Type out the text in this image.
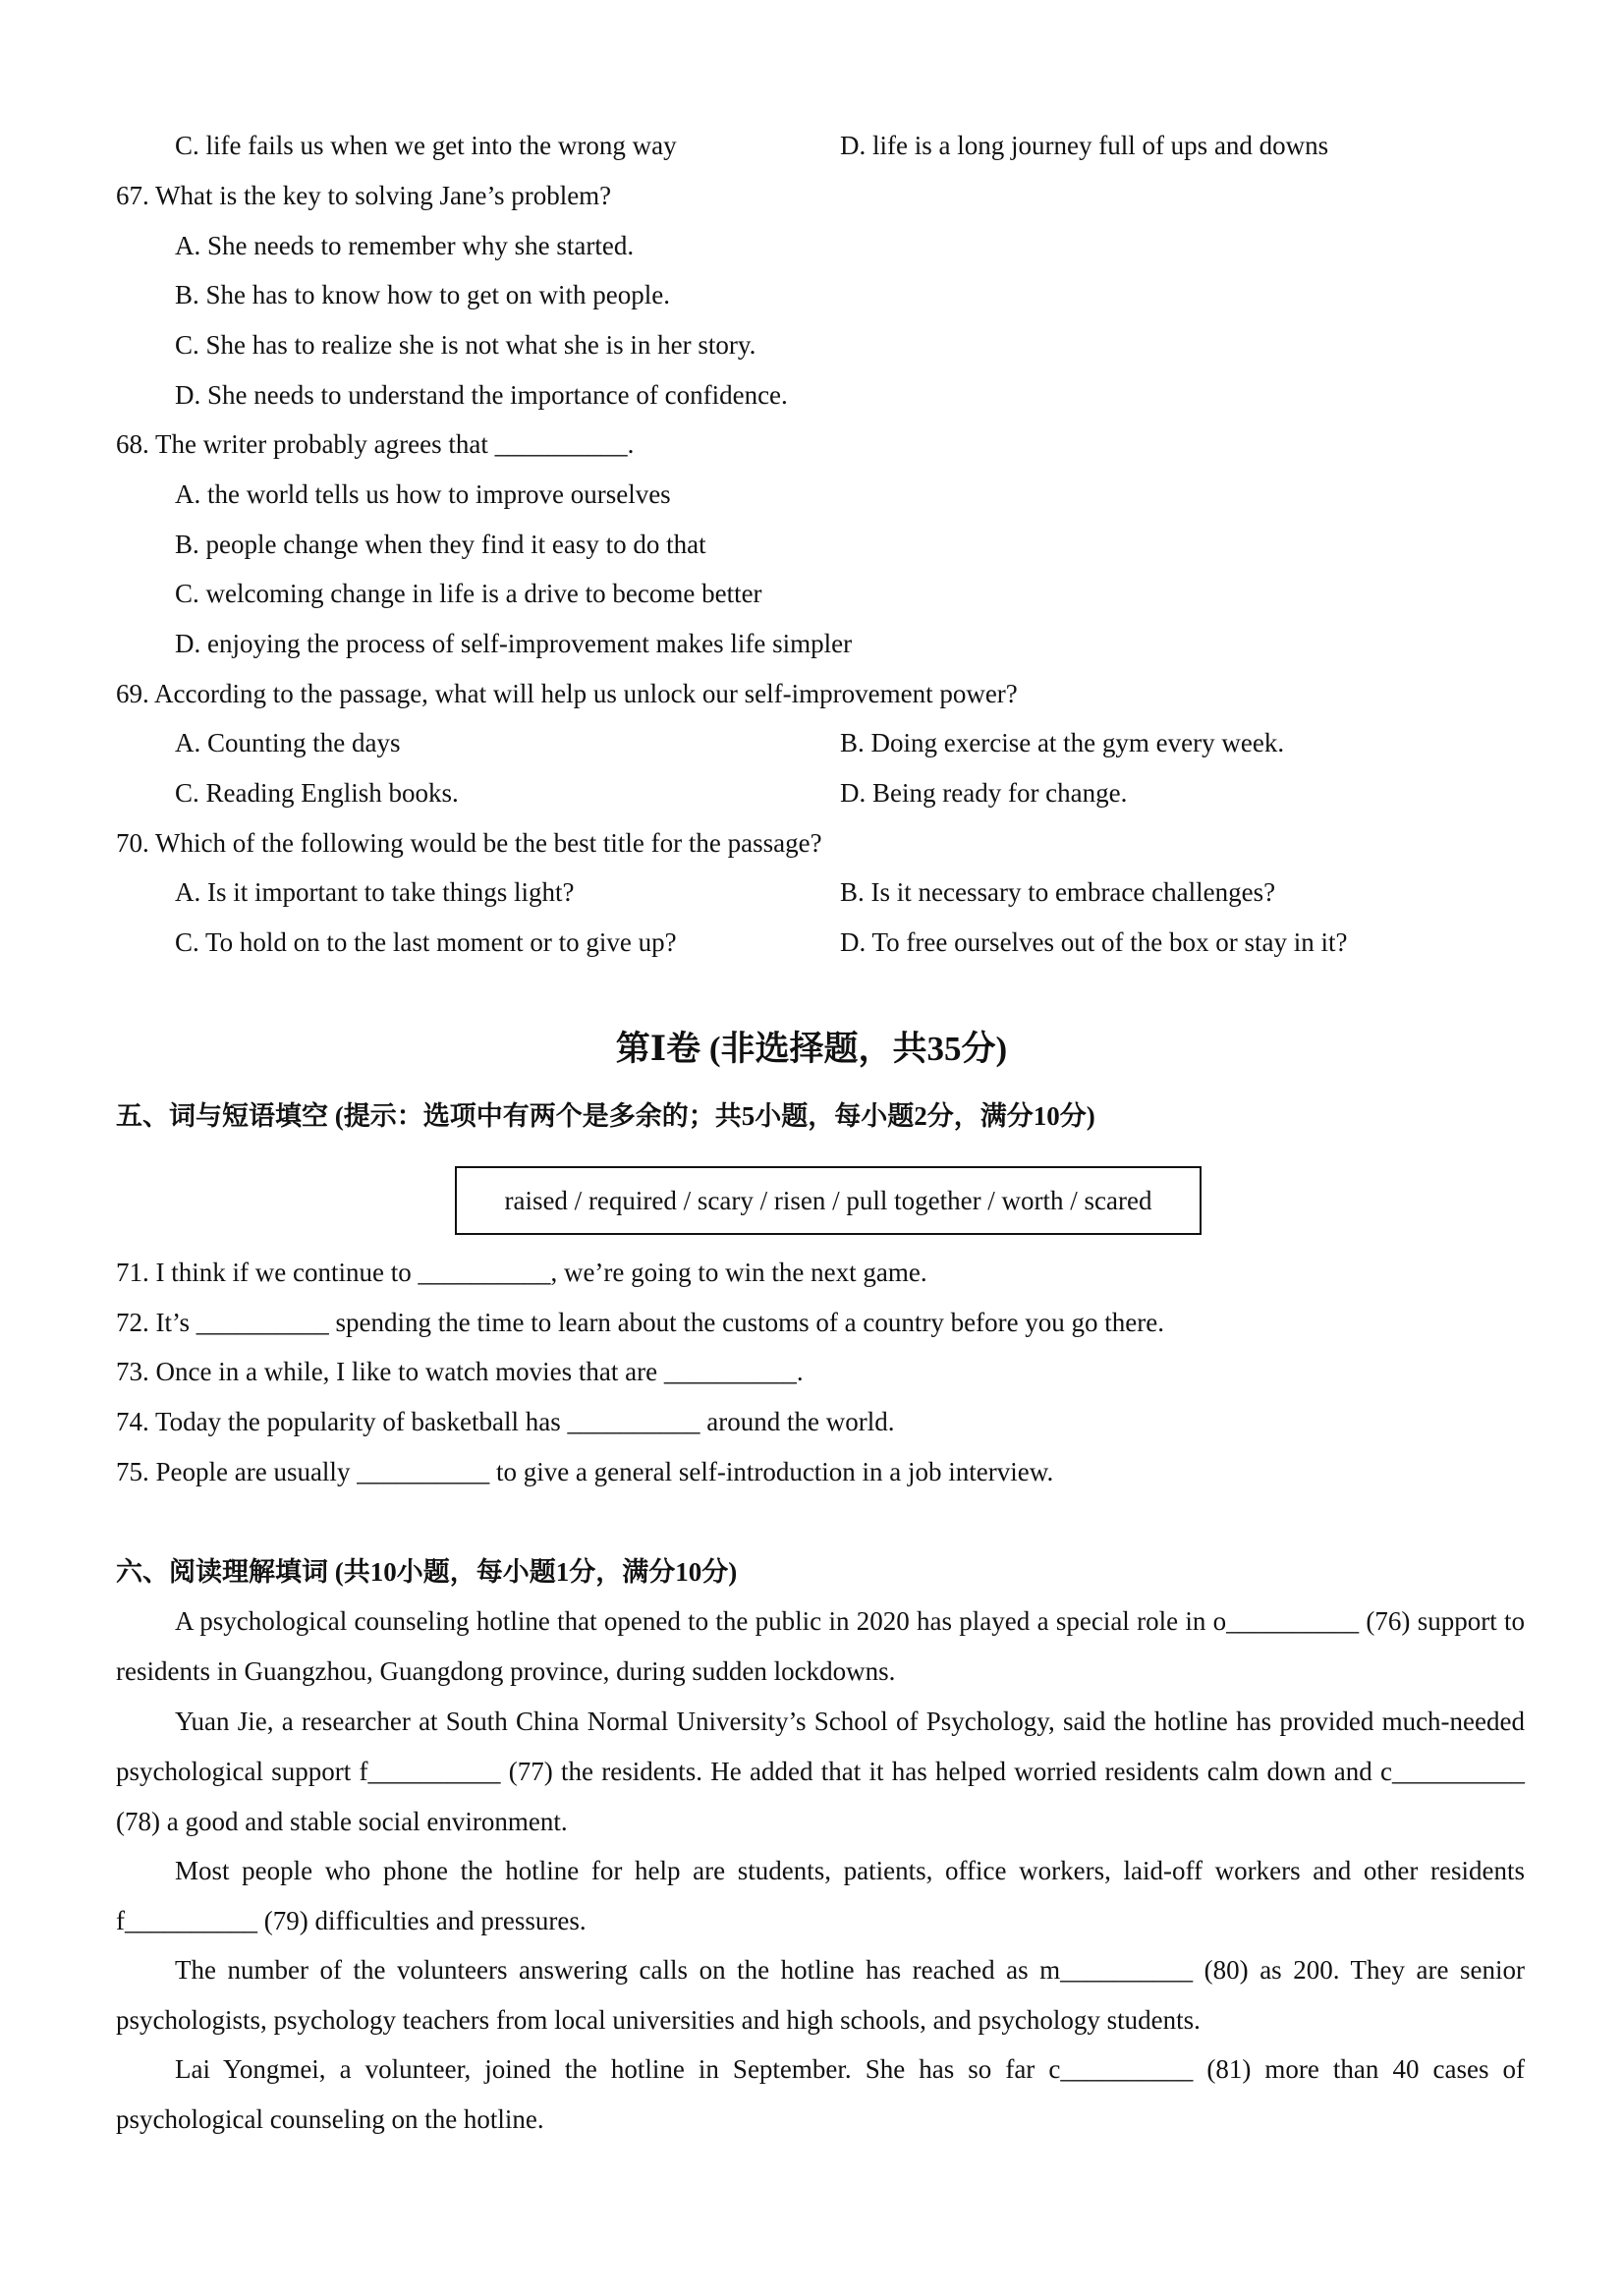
C. life fails us when we get into the wrong way	D. life is a long journey full of ups and downs
67. What is the key to solving Jane’s problem?
A. She needs to remember why she started.
B. She has to know how to get on with people.
C. She has to realize she is not what she is in her story.
D. She needs to understand the importance of confidence.
68. The writer probably agrees that __________.
A. the world tells us how to improve ourselves
B. people change when they find it easy to do that
C. welcoming change in life is a drive to become better
D. enjoying the process of self-improvement makes life simpler
69. According to the passage, what will help us unlock our self-improvement power?
A. Counting the days	B. Doing exercise at the gym every week.
C. Reading English books.	D. Being ready for change.
70. Which of the following would be the best title for the passage?
A. Is it important to take things light?	B. Is it necessary to embrace challenges?
C. To hold on to the last moment or to give up?	D. To free ourselves out of the box or stay in it?
第Ⅰ卷 (非选择题，共35分)
五、词与短语填空 (提示：选项中有两个是多余的；共5小题，每小题2分，满分10分)
raised / required / scary / risen / pull together / worth / scared
71. I think if we continue to __________, we’re going to win the next game.
72. It’s __________ spending the time to learn about the customs of a country before you go there.
73. Once in a while, I like to watch movies that are __________.
74. Today the popularity of basketball has __________ around the world.
75. People are usually __________ to give a general self-introduction in a job interview.
六、阅读理解填词 (共10小题，每小题1分，满分10分)
A psychological counseling hotline that opened to the public in 2020 has played a special role in o__________ (76) support to residents in Guangzhou, Guangdong province, during sudden lockdowns.
Yuan Jie, a researcher at South China Normal University’s School of Psychology, said the hotline has provided much-needed psychological support f__________ (77) the residents. He added that it has helped worried residents calm down and c__________ (78) a good and stable social environment.
Most people who phone the hotline for help are students, patients, office workers, laid-off workers and other residents f__________ (79) difficulties and pressures.
The number of the volunteers answering calls on the hotline has reached as m__________ (80) as 200. They are senior psychologists, psychology teachers from local universities and high schools, and psychology students.
Lai Yongmei, a volunteer, joined the hotline in September. She has so far c__________ (81) more than 40 cases of psychological counseling on the hotline.
